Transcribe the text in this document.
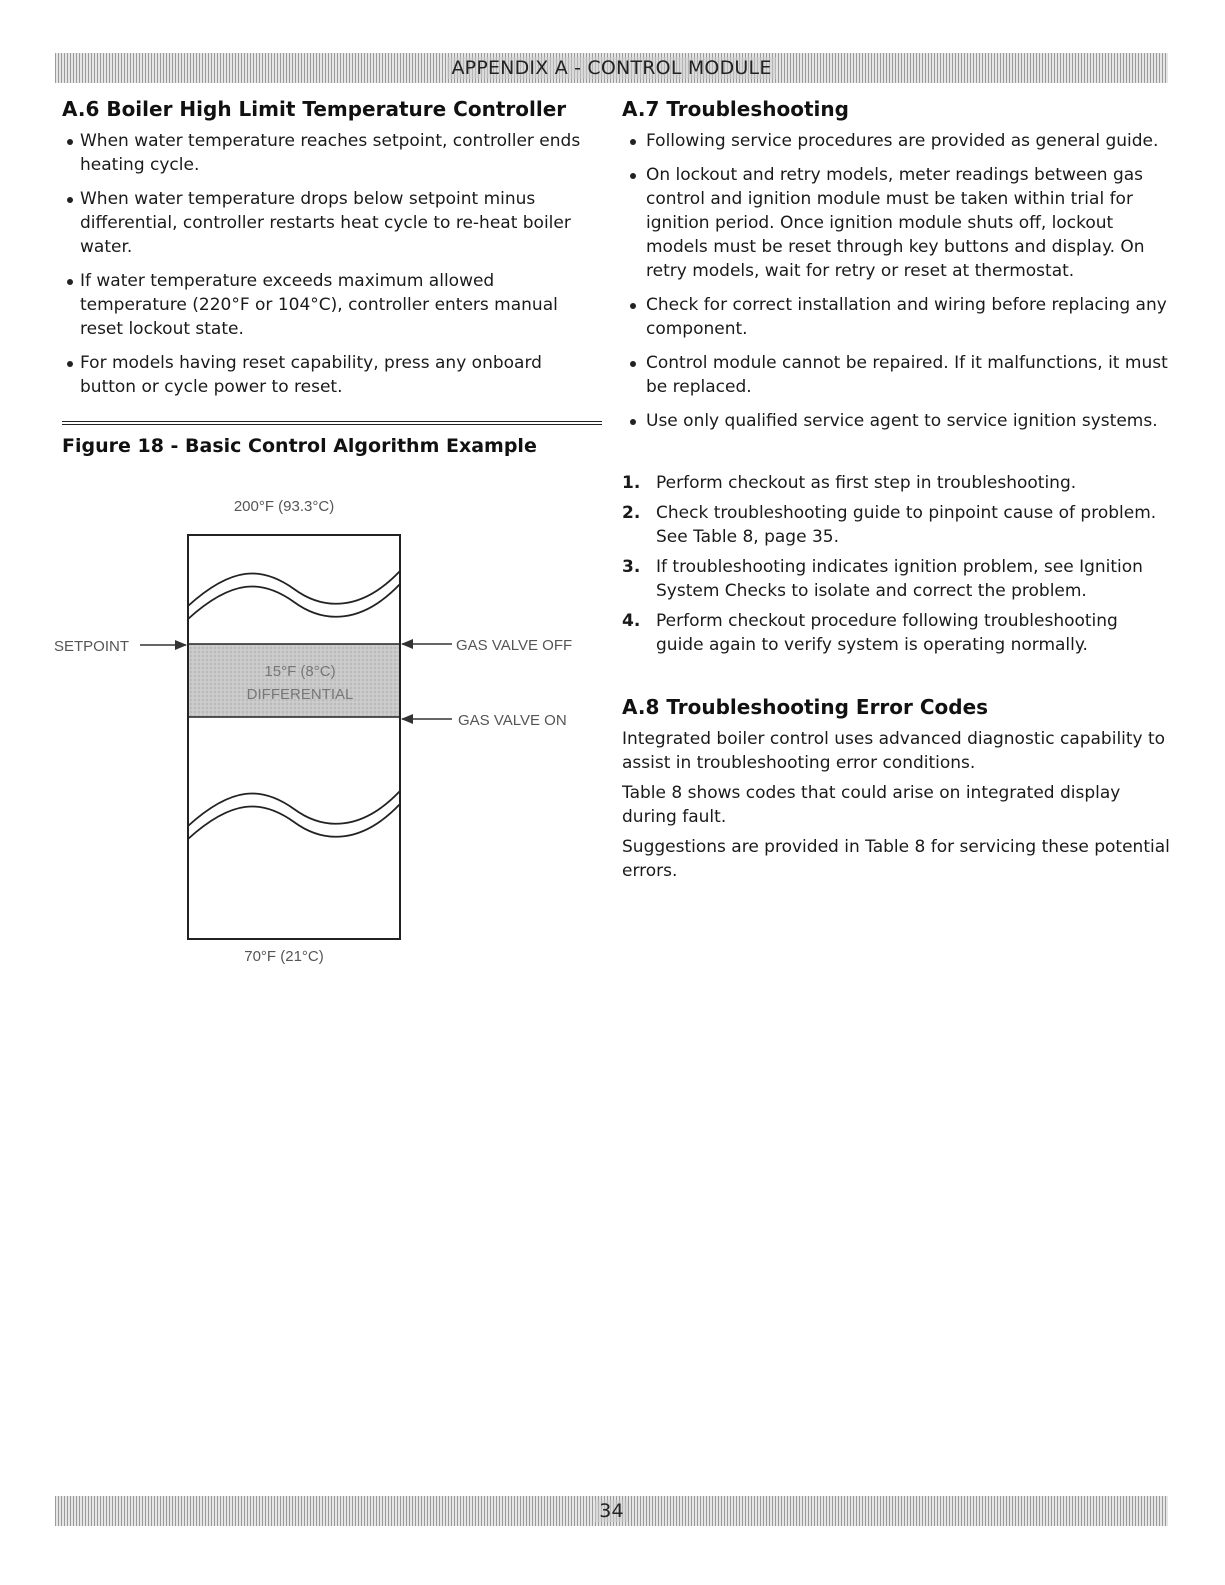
APPENDIX A - CONTROL MODULE
A.6 Boiler High Limit Temperature Controller
When water temperature reaches setpoint, controller ends heating cycle.
When water temperature drops below setpoint minus differential, controller restarts heat cycle to re-heat boiler water.
If water temperature exceeds maximum allowed temperature (220°F or 104°C), controller enters manual reset lockout state.
For models having reset capability, press any onboard button or cycle power to reset.
Figure 18 - Basic Control Algorithm Example
200°F (93.3°C)
15°F (8°C)
DIFFERENTIAL
SETPOINT	GAS VALVE OFF
GAS VALVE ON
70°F (21°C)
A.7 Troubleshooting
Following service procedures are provided as general guide.
On lockout and retry models, meter readings between gas control and ignition module must be taken within trial for ignition period. Once ignition module shuts off, lockout models must be reset through key buttons and display. On retry models, wait for retry or reset at thermostat.
Check for correct installation and wiring before replacing any component.
Control module cannot be repaired. If it malfunctions, it must be replaced.
Use only qualified service agent to service ignition systems.
1. Perform checkout as first step in troubleshooting.
2. Check troubleshooting guide to pinpoint cause of problem. See Table 8, page 35.
3. If troubleshooting indicates ignition problem, see Ignition System Checks to isolate and correct the problem.
4. Perform checkout procedure following troubleshooting guide again to verify system is operating normally.
A.8 Troubleshooting Error Codes

Integrated boiler control uses advanced diagnostic capability to assist in troubleshooting error conditions.

Table 8 shows codes that could arise on integrated display during fault.

Suggestions are provided in Table 8 for servicing these potential errors.

34
